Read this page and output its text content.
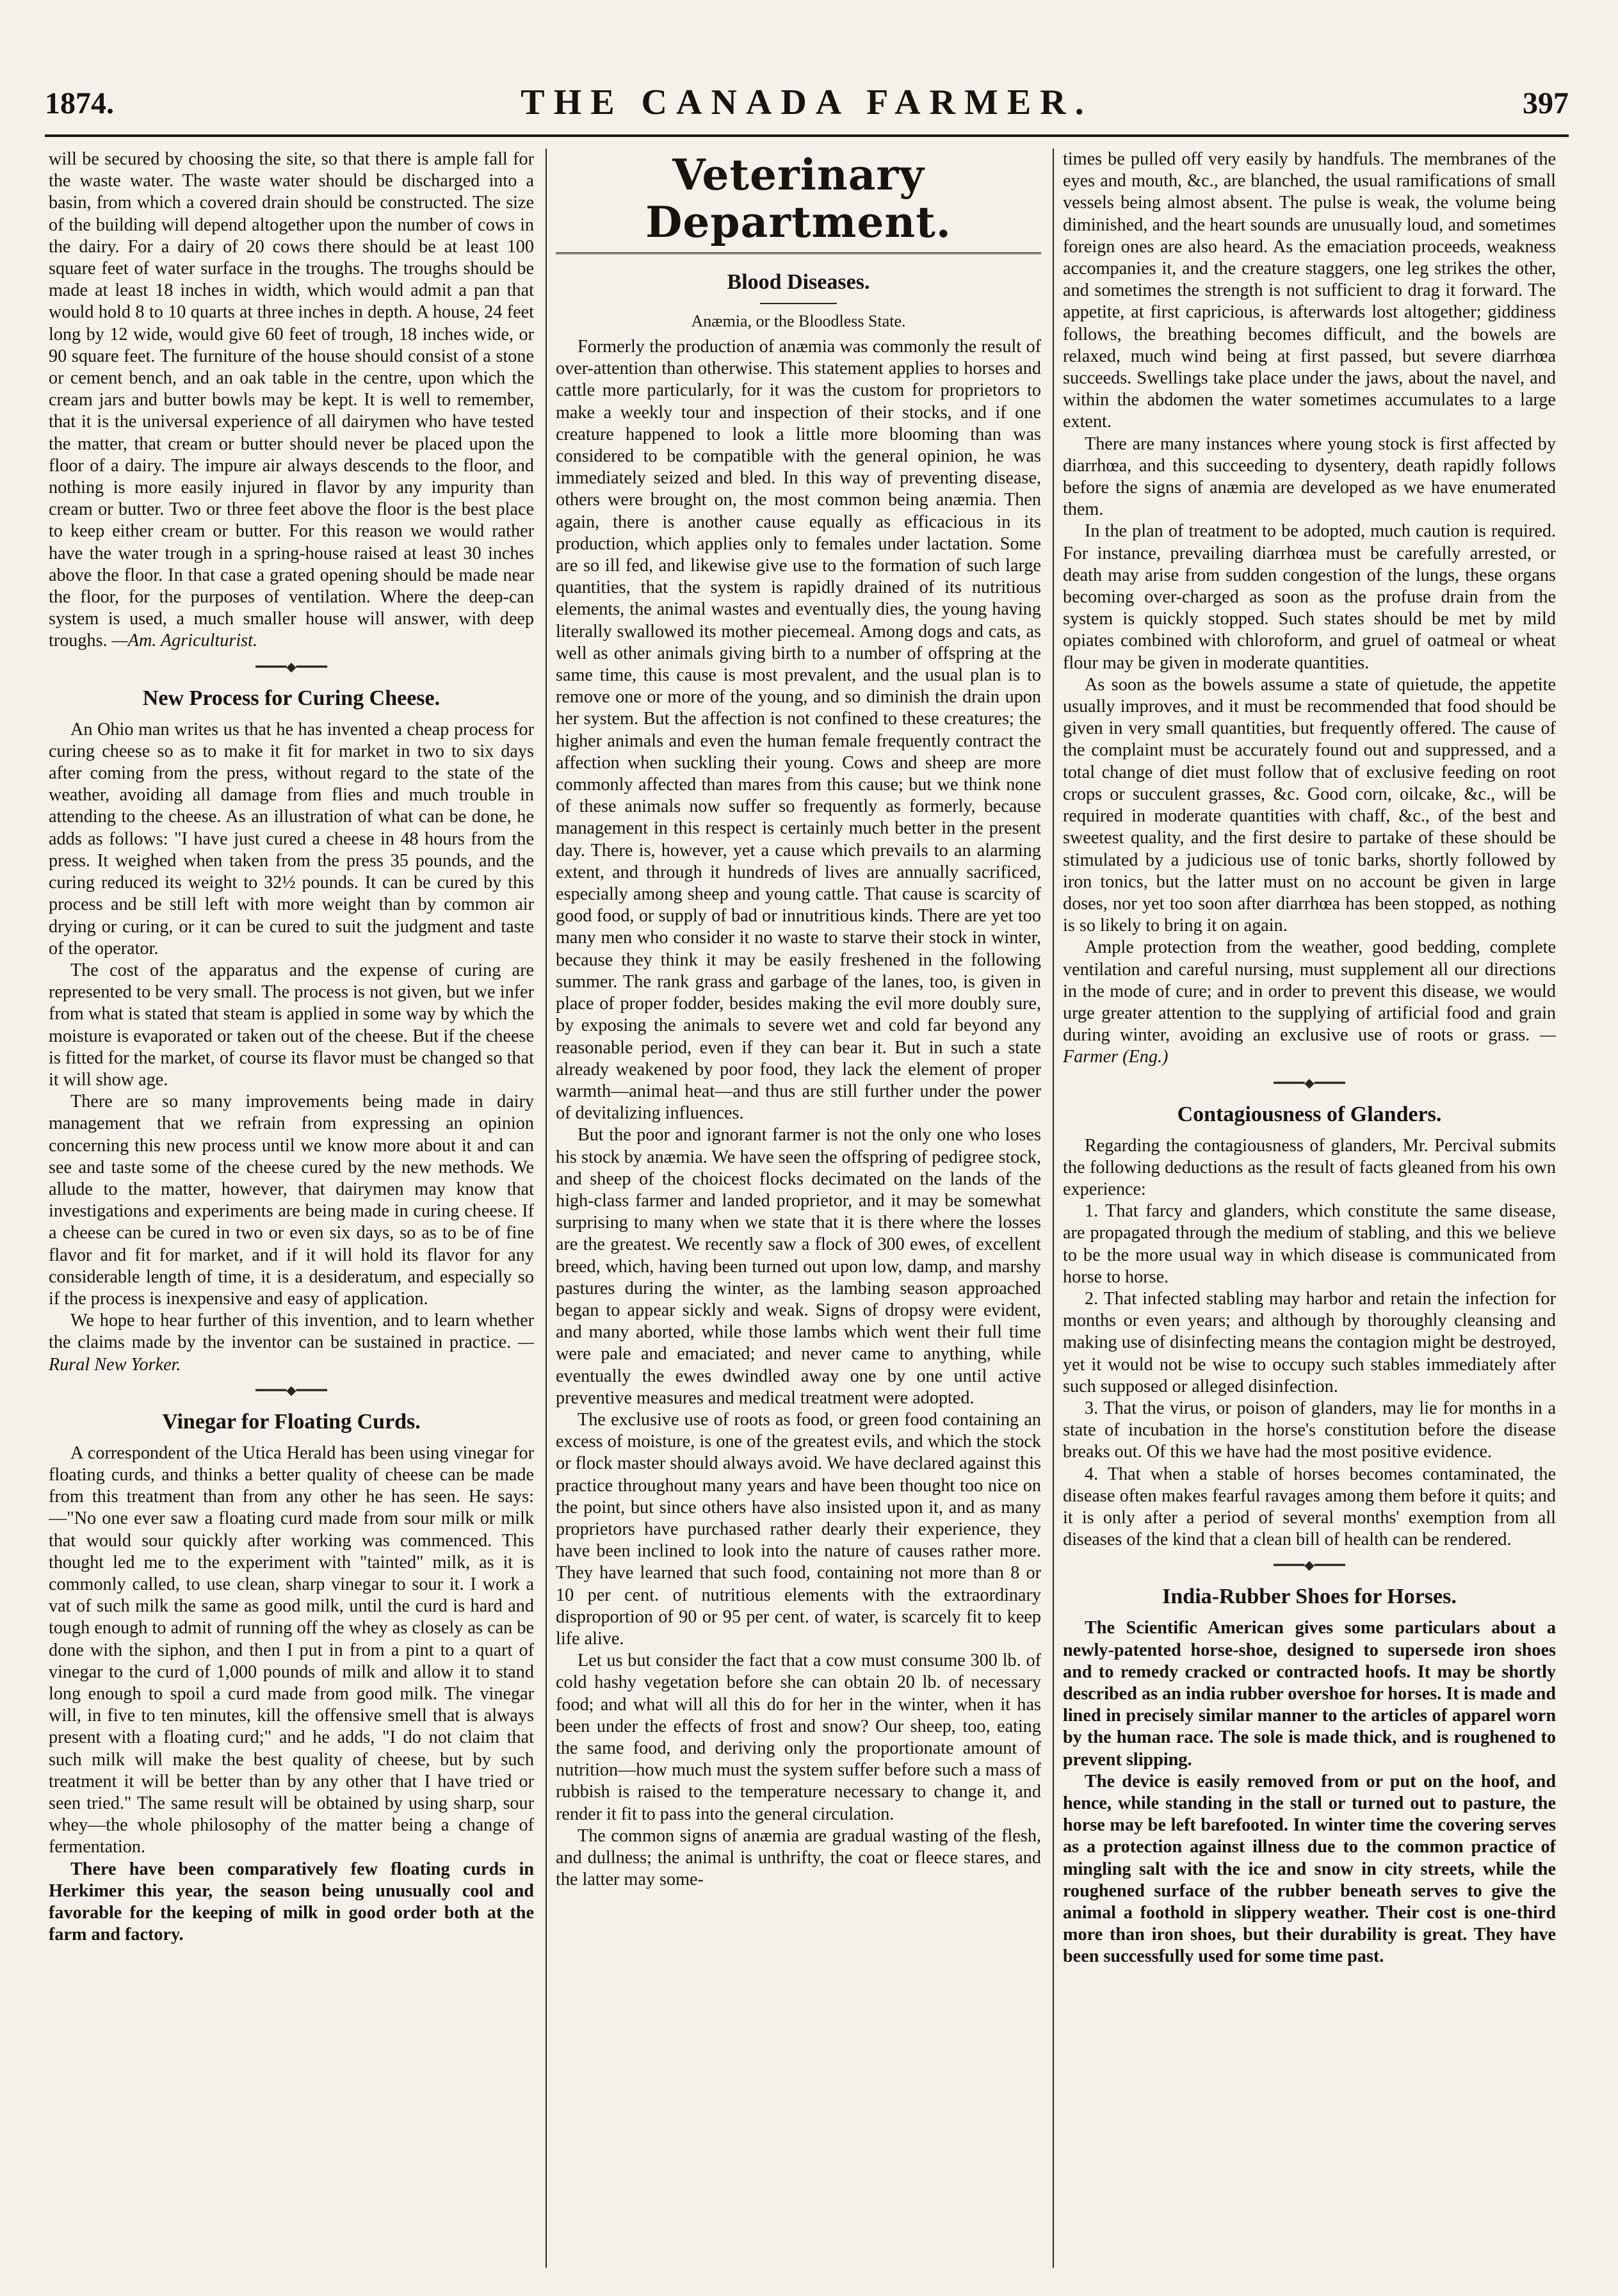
1874.	THE CANADA FARMER.	397

will be secured by choosing the site, so that there is ample fall for the waste water. The waste water should be discharged into a basin, from which a covered drain should be constructed. The size of the building will depend altogether upon the number of cows in the dairy. For a dairy of 20 cows there should be at least 100 square feet of water surface in the troughs. The troughs should be made at least 18 inches in width, which would admit a pan that would hold 8 to 10 quarts at three inches in depth. A house, 24 feet long by 12 wide, would give 60 feet of trough, 18 inches wide, or 90 square feet. The furniture of the house should consist of a stone or cement bench, and an oak table in the centre, upon which the cream jars and butter bowls may be kept. It is well to remember, that it is the universal experience of all dairymen who have tested the matter, that cream or butter should never be placed upon the floor of a dairy. The impure air always descends to the floor, and nothing is more easily injured in flavor by any impurity than cream or butter. Two or three feet above the floor is the best place to keep either cream or butter. For this reason we would rather have the water trough in a spring-house raised at least 30 inches above the floor. In that case a grated opening should be made near the floor, for the purposes of ventilation. Where the deep-can system is used, a much smaller house will answer, with deep troughs. —Am. Agriculturist.

━━━━◆━━━━
New Process for Curing Cheese.

An Ohio man writes us that he has invented a cheap process for curing cheese so as to make it fit for market in two to six days after coming from the press, without regard to the state of the weather, avoiding all damage from flies and much trouble in attending to the cheese. As an illustration of what can be done, he adds as follows: "I have just cured a cheese in 48 hours from the press. It weighed when taken from the press 35 pounds, and the curing reduced its weight to 32½ pounds. It can be cured by this process and be still left with more weight than by common air drying or curing, or it can be cured to suit the judgment and taste of the operator.

The cost of the apparatus and the expense of curing are represented to be very small. The process is not given, but we infer from what is stated that steam is applied in some way by which the moisture is evaporated or taken out of the cheese. But if the cheese is fitted for the market, of course its flavor must be changed so that it will show age.

There are so many improvements being made in dairy management that we refrain from expressing an opinion concerning this new process until we know more about it and can see and taste some of the cheese cured by the new methods. We allude to the matter, however, that dairymen may know that investigations and experiments are being made in curing cheese. If a cheese can be cured in two or even six days, so as to be of fine flavor and fit for market, and if it will hold its flavor for any considerable length of time, it is a desideratum, and especially so if the process is inexpensive and easy of application.

We hope to hear further of this invention, and to learn whether the claims made by the inventor can be sustained in practice. —Rural New Yorker.

━━━━◆━━━━
Vinegar for Floating Curds.

A correspondent of the Utica Herald has been using vinegar for floating curds, and thinks a better quality of cheese can be made from this treatment than from any other he has seen. He says:—"No one ever saw a floating curd made from sour milk or milk that would sour quickly after working was commenced. This thought led me to the experiment with "tainted" milk, as it is commonly called, to use clean, sharp vinegar to sour it. I work a vat of such milk the same as good milk, until the curd is hard and tough enough to admit of running off the whey as closely as can be done with the siphon, and then I put in from a pint to a quart of vinegar to the curd of 1,000 pounds of milk and allow it to stand long enough to spoil a curd made from good milk. The vinegar will, in five to ten minutes, kill the offensive smell that is always present with a floating curd;" and he adds, "I do not claim that such milk will make the best quality of cheese, but by such treatment it will be better than by any other that I have tried or seen tried." The same result will be obtained by using sharp, sour whey—the whole philosophy of the matter being a change of fermentation.

There have been comparatively few floating curds in Herkimer this year, the season being unusually cool and favorable for the keeping of milk in good order both at the farm and factory.

Veterinary Department.
Blood Diseases.
Anæmia, or the Bloodless State.

Formerly the production of anæmia was commonly the result of over-attention than otherwise. This statement applies to horses and cattle more particularly, for it was the custom for proprietors to make a weekly tour and inspection of their stocks, and if one creature happened to look a little more blooming than was considered to be compatible with the general opinion, he was immediately seized and bled. In this way of preventing disease, others were brought on, the most common being anæmia. Then again, there is another cause equally as efficacious in its production, which applies only to females under lactation. Some are so ill fed, and likewise give use to the formation of such large quantities, that the system is rapidly drained of its nutritious elements, the animal wastes and eventually dies, the young having literally swallowed its mother piecemeal. Among dogs and cats, as well as other animals giving birth to a number of offspring at the same time, this cause is most prevalent, and the usual plan is to remove one or more of the young, and so diminish the drain upon her system. But the affection is not confined to these creatures; the higher animals and even the human female frequently contract the affection when suckling their young. Cows and sheep are more commonly affected than mares from this cause; but we think none of these animals now suffer so frequently as formerly, because management in this respect is certainly much better in the present day. There is, however, yet a cause which prevails to an alarming extent, and through it hundreds of lives are annually sacrificed, especially among sheep and young cattle. That cause is scarcity of good food, or supply of bad or innutritious kinds. There are yet too many men who consider it no waste to starve their stock in winter, because they think it may be easily freshened in the following summer. The rank grass and garbage of the lanes, too, is given in place of proper fodder, besides making the evil more doubly sure, by exposing the animals to severe wet and cold far beyond any reasonable period, even if they can bear it. But in such a state already weakened by poor food, they lack the element of proper warmth—animal heat—and thus are still further under the power of devitalizing influences.

But the poor and ignorant farmer is not the only one who loses his stock by anæmia. We have seen the offspring of pedigree stock, and sheep of the choicest flocks decimated on the lands of the high-class farmer and landed proprietor, and it may be somewhat surprising to many when we state that it is there where the losses are the greatest. We recently saw a flock of 300 ewes, of excellent breed, which, having been turned out upon low, damp, and marshy pastures during the winter, as the lambing season approached began to appear sickly and weak. Signs of dropsy were evident, and many aborted, while those lambs which went their full time were pale and emaciated; and never came to anything, while eventually the ewes dwindled away one by one until active preventive measures and medical treatment were adopted.

The exclusive use of roots as food, or green food containing an excess of moisture, is one of the greatest evils, and which the stock or flock master should always avoid. We have declared against this practice throughout many years and have been thought too nice on the point, but since others have also insisted upon it, and as many proprietors have purchased rather dearly their experience, they have been inclined to look into the nature of causes rather more. They have learned that such food, containing not more than 8 or 10 per cent. of nutritious elements with the extraordinary disproportion of 90 or 95 per cent. of water, is scarcely fit to keep life alive.

Let us but consider the fact that a cow must consume 300 lb. of cold hashy vegetation before she can obtain 20 lb. of necessary food; and what will all this do for her in the winter, when it has been under the effects of frost and snow? Our sheep, too, eating the same food, and deriving only the proportionate amount of nutrition—how much must the system suffer before such a mass of rubbish is raised to the temperature necessary to change it, and render it fit to pass into the general circulation.

The common signs of anæmia are gradual wasting of the flesh, and dullness; the animal is unthrifty, the coat or fleece stares, and the latter may some-

times be pulled off very easily by handfuls. The membranes of the eyes and mouth, &c., are blanched, the usual ramifications of small vessels being almost absent. The pulse is weak, the volume being diminished, and the heart sounds are unusually loud, and sometimes foreign ones are also heard. As the emaciation proceeds, weakness accompanies it, and the creature staggers, one leg strikes the other, and sometimes the strength is not sufficient to drag it forward. The appetite, at first capricious, is afterwards lost altogether; giddiness follows, the breathing becomes difficult, and the bowels are relaxed, much wind being at first passed, but severe diarrhœa succeeds. Swellings take place under the jaws, about the navel, and within the abdomen the water sometimes accumulates to a large extent.

There are many instances where young stock is first affected by diarrhœa, and this succeeding to dysentery, death rapidly follows before the signs of anæmia are developed as we have enumerated them.

In the plan of treatment to be adopted, much caution is required. For instance, prevailing diarrhœa must be carefully arrested, or death may arise from sudden congestion of the lungs, these organs becoming over-charged as soon as the profuse drain from the system is quickly stopped. Such states should be met by mild opiates combined with chloroform, and gruel of oatmeal or wheat flour may be given in moderate quantities.

As soon as the bowels assume a state of quietude, the appetite usually improves, and it must be recommended that food should be given in very small quantities, but frequently offered. The cause of the complaint must be accurately found out and suppressed, and a total change of diet must follow that of exclusive feeding on root crops or succulent grasses, &c. Good corn, oilcake, &c., will be required in moderate quantities with chaff, &c., of the best and sweetest quality, and the first desire to partake of these should be stimulated by a judicious use of tonic barks, shortly followed by iron tonics, but the latter must on no account be given in large doses, nor yet too soon after diarrhœa has been stopped, as nothing is so likely to bring it on again.

Ample protection from the weather, good bedding, complete ventilation and careful nursing, must supplement all our directions in the mode of cure; and in order to prevent this disease, we would urge greater attention to the supplying of artificial food and grain during winter, avoiding an exclusive use of roots or grass. —Farmer (Eng.)

━━━━◆━━━━
Contagiousness of Glanders.

Regarding the contagiousness of glanders, Mr. Percival submits the following deductions as the result of facts gleaned from his own experience:

1. That farcy and glanders, which constitute the same disease, are propagated through the medium of stabling, and this we believe to be the more usual way in which disease is communicated from horse to horse.

2. That infected stabling may harbor and retain the infection for months or even years; and although by thoroughly cleansing and making use of disinfecting means the contagion might be destroyed, yet it would not be wise to occupy such stables immediately after such supposed or alleged disinfection.

3. That the virus, or poison of glanders, may lie for months in a state of incubation in the horse's constitution before the disease breaks out. Of this we have had the most positive evidence.

4. That when a stable of horses becomes contaminated, the disease often makes fearful ravages among them before it quits; and it is only after a period of several months' exemption from all diseases of the kind that a clean bill of health can be rendered.

━━━━◆━━━━
India-Rubber Shoes for Horses.

The Scientific American gives some particulars about a newly-patented horse-shoe, designed to supersede iron shoes and to remedy cracked or contracted hoofs. It may be shortly described as an india rubber overshoe for horses. It is made and lined in precisely similar manner to the articles of apparel worn by the human race. The sole is made thick, and is roughened to prevent slipping.

The device is easily removed from or put on the hoof, and hence, while standing in the stall or turned out to pasture, the horse may be left barefooted. In winter time the covering serves as a protection against illness due to the common practice of mingling salt with the ice and snow in city streets, while the roughened surface of the rubber beneath serves to give the animal a foothold in slippery weather. Their cost is one-third more than iron shoes, but their durability is great. They have been successfully used for some time past.
